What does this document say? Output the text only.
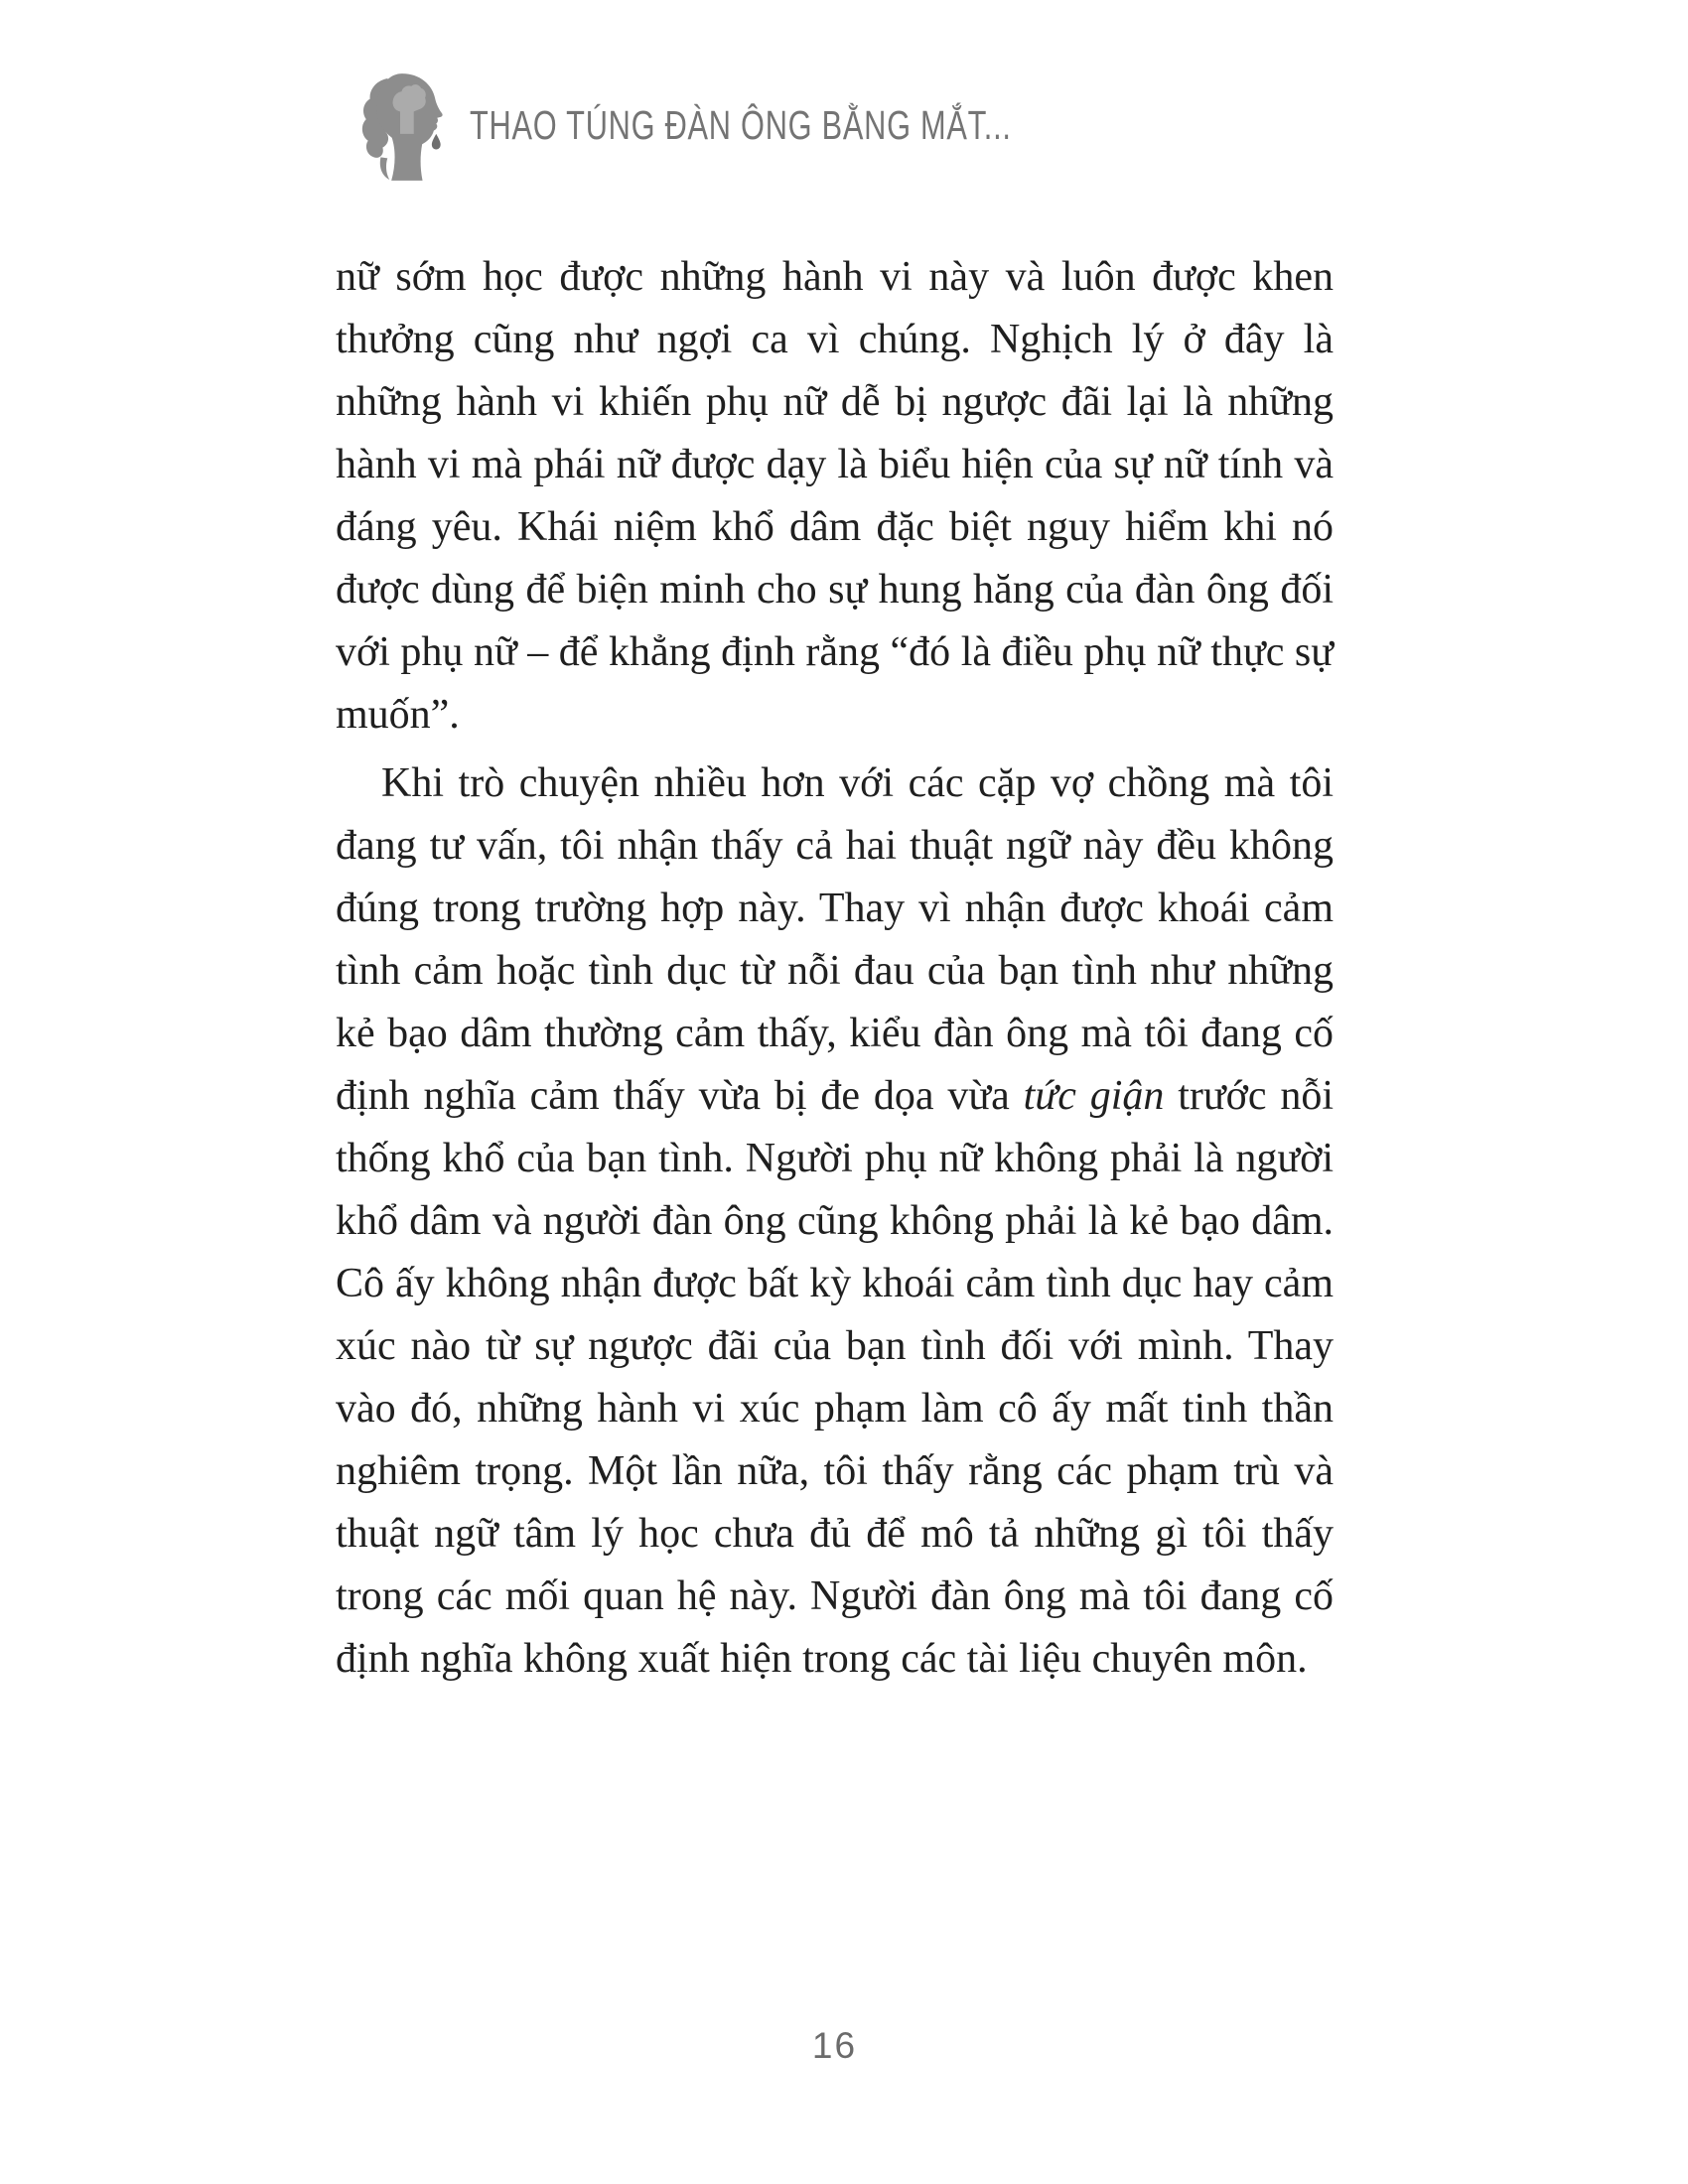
THAO TÚNG ĐÀN ÔNG BẰNG MẮT...

nữ sớm học được những hành vi này và luôn được khen thưởng cũng như ngợi ca vì chúng. Nghịch lý ở đây là những hành vi khiến phụ nữ dễ bị ngược đãi lại là những hành vi mà phái nữ được dạy là biểu hiện của sự nữ tính và đáng yêu. Khái niệm khổ dâm đặc biệt nguy hiểm khi nó được dùng để biện minh cho sự hung hăng của đàn ông đối với phụ nữ – để khẳng định rằng “đó là điều phụ nữ thực sự muốn”.

Khi trò chuyện nhiều hơn với các cặp vợ chồng mà tôi đang tư vấn, tôi nhận thấy cả hai thuật ngữ này đều không đúng trong trường hợp này. Thay vì nhận được khoái cảm tình cảm hoặc tình dục từ nỗi đau của bạn tình như những kẻ bạo dâm thường cảm thấy, kiểu đàn ông mà tôi đang cố định nghĩa cảm thấy vừa bị đe dọa vừa tức giận trước nỗi thống khổ của bạn tình. Người phụ nữ không phải là người khổ dâm và người đàn ông cũng không phải là kẻ bạo dâm. Cô ấy không nhận được bất kỳ khoái cảm tình dục hay cảm xúc nào từ sự ngược đãi của bạn tình đối với mình. Thay vào đó, những hành vi xúc phạm làm cô ấy mất tinh thần nghiêm trọng. Một lần nữa, tôi thấy rằng các phạm trù và thuật ngữ tâm lý học chưa đủ để mô tả những gì tôi thấy trong các mối quan hệ này. Người đàn ông mà tôi đang cố định nghĩa không xuất hiện trong các tài liệu chuyên môn.

16
